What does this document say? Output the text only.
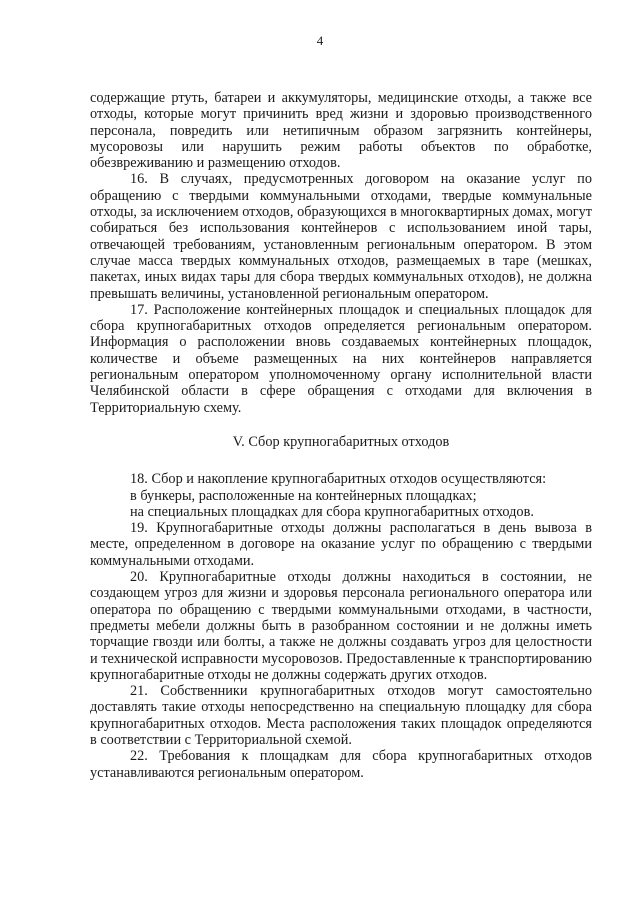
4

содержащие ртуть, батареи и аккумуляторы, медицинские отходы, а также все отходы, которые могут причинить вред жизни и здоровью производственного персонала, повредить или нетипичным образом загрязнить контейнеры, мусоровозы или нарушить режим работы объектов по обработке, обезвреживанию и размещению отходов.

16. В случаях, предусмотренных договором на оказание услуг по обращению с твердыми коммунальными отходами, твердые коммунальные отходы, за исключением отходов, образующихся в многоквартирных домах, могут собираться без использования контейнеров с использованием иной тары, отвечающей требованиям, установленным региональным оператором. В этом случае масса твердых коммунальных отходов, размещаемых в таре (мешках, пакетах, иных видах тары для сбора твердых коммунальных отходов), не должна превышать величины, установленной региональным оператором.

17. Расположение контейнерных площадок и специальных площадок для сбора крупногабаритных отходов определяется региональным оператором. Информация о расположении вновь создаваемых контейнерных площадок, количестве и объеме размещенных на них контейнеров направляется региональным оператором уполномоченному органу исполнительной власти Челябинской области в сфере обращения с отходами для включения в Территориальную схему.

V. Сбор крупногабаритных отходов

18. Сбор и накопление крупногабаритных отходов осуществляются:

в бункеры, расположенные на контейнерных площадках;

на специальных площадках для сбора крупногабаритных отходов.

19. Крупногабаритные отходы должны располагаться в день вывоза в месте, определенном в договоре на оказание услуг по обращению с твердыми коммунальными отходами.

20. Крупногабаритные отходы должны находиться в состоянии, не создающем угроз для жизни и здоровья персонала регионального оператора или оператора по обращению с твердыми коммунальными отходами, в частности, предметы мебели должны быть в разобранном состоянии и не должны иметь торчащие гвозди или болты, а также не должны создавать угроз для целостности и технической исправности мусоровозов. Предоставленные к транспортированию крупногабаритные отходы не должны содержать других отходов.

21. Собственники крупногабаритных отходов могут самостоятельно доставлять такие отходы непосредственно на специальную площадку для сбора крупногабаритных отходов. Места расположения таких площадок определяются в соответствии с Территориальной схемой.

22. Требования к площадкам для сбора крупногабаритных отходов устанавливаются региональным оператором.
